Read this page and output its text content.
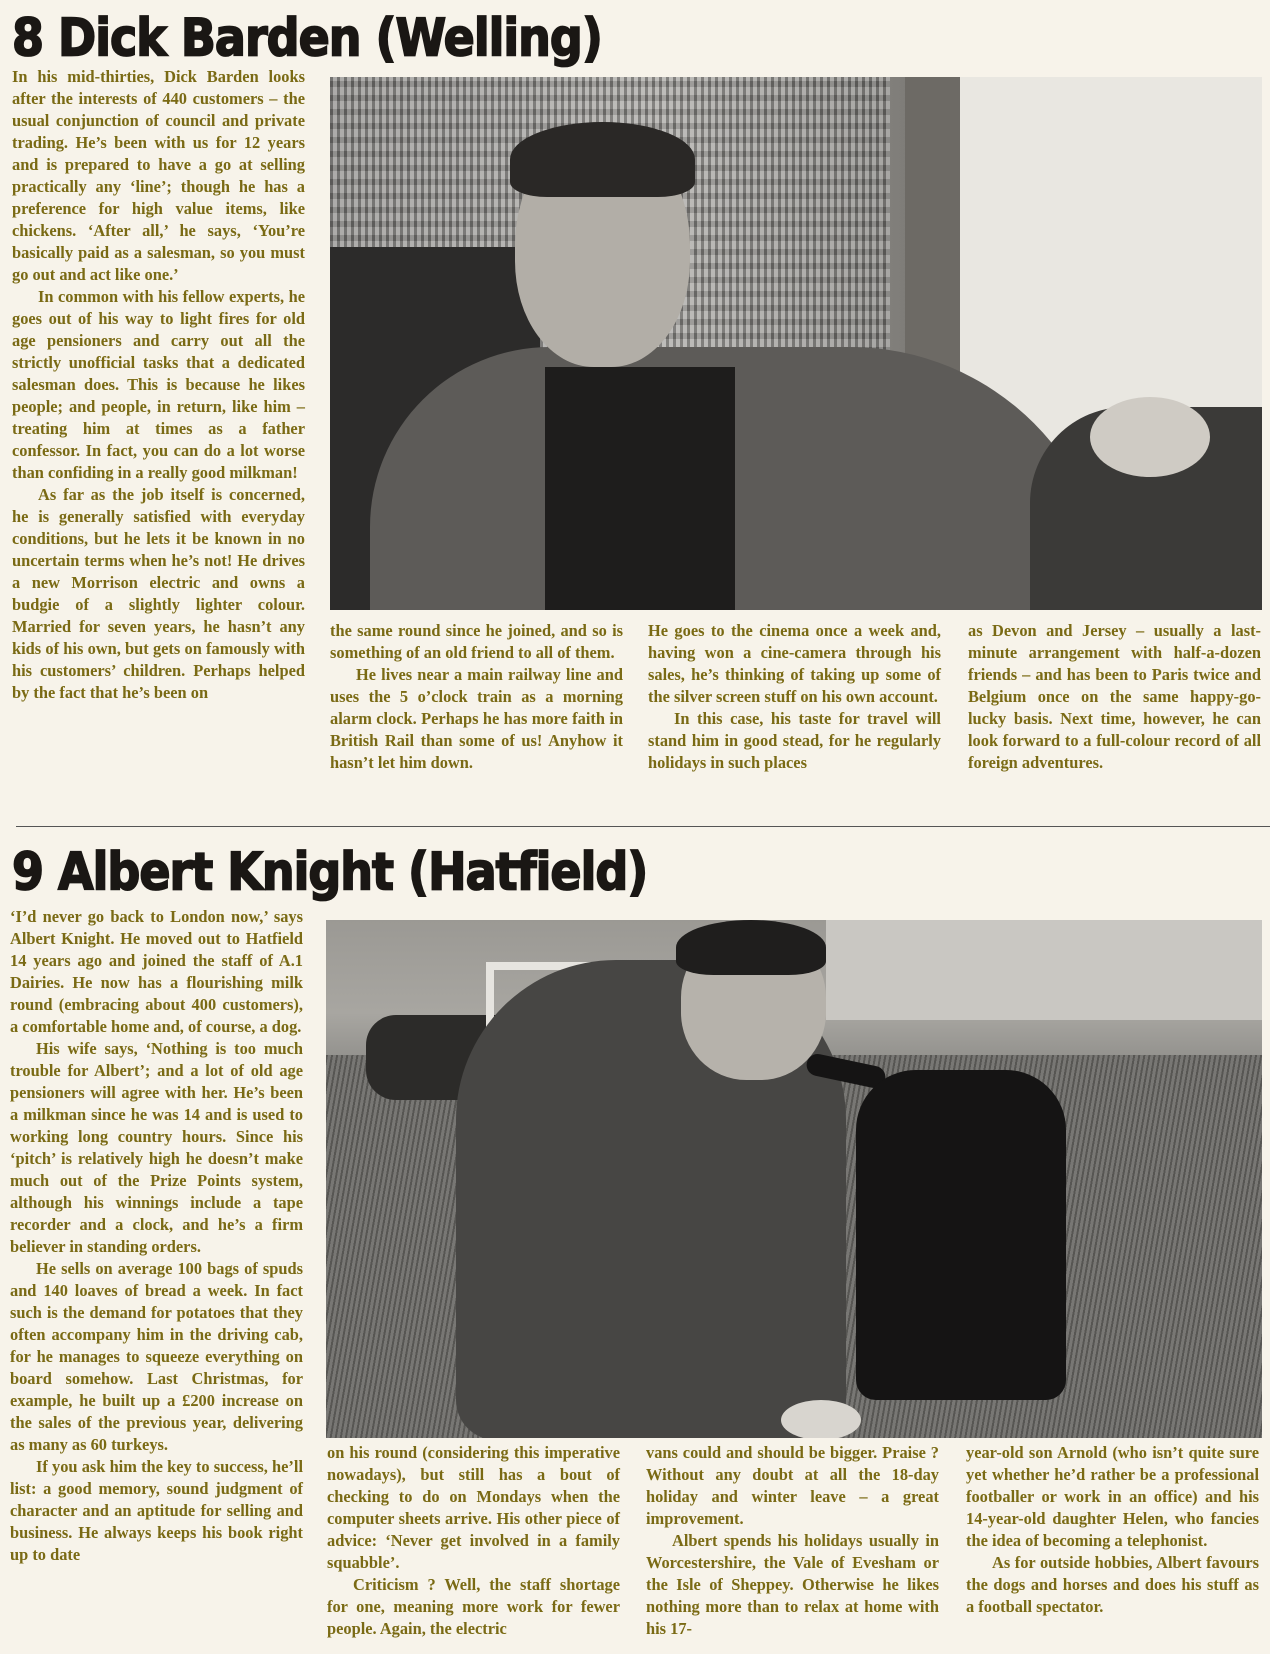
8 Dick Barden (Welling)

In his mid-thirties, Dick Barden looks after the interests of 440 customers – the usual conjunction of council and private trading. He’s been with us for 12 years and is prepared to have a go at selling practically any ‘line’; though he has a preference for high value items, like chickens. ‘After all,’ he says, ‘You’re basically paid as a salesman, so you must go out and act like one.’

In common with his fellow experts, he goes out of his way to light fires for old age pensioners and carry out all the strictly unofficial tasks that a dedicated salesman does. This is because he likes people; and people, in return, like him – treating him at times as a father confessor. In fact, you can do a lot worse than confiding in a really good milkman!

As far as the job itself is concerned, he is generally satisfied with everyday conditions, but he lets it be known in no uncertain terms when he’s not! He drives a new Morrison electric and owns a budgie of a slightly lighter colour. Married for seven years, he hasn’t any kids of his own, but gets on famously with his customers’ children. Perhaps helped by the fact that he’s been on

the same round since he joined, and so is something of an old friend to all of them.

He lives near a main railway line and uses the 5 o’clock train as a morning alarm clock. Perhaps he has more faith in British Rail than some of us! Anyhow it hasn’t let him down.

He goes to the cinema once a week and, having won a cine-camera through his sales, he’s thinking of taking up some of the silver screen stuff on his own account.

In this case, his taste for travel will stand him in good stead, for he regularly holidays in such places

as Devon and Jersey – usually a last-minute arrangement with half-a-dozen friends – and has been to Paris twice and Belgium once on the same happy-go-lucky basis. Next time, however, he can look forward to a full-colour record of all foreign adventures.

9 Albert Knight (Hatfield)

‘I’d never go back to London now,’ says Albert Knight. He moved out to Hatfield 14 years ago and joined the staff of A.1 Dairies. He now has a flourishing milk round (embracing about 400 customers), a comfortable home and, of course, a dog.

His wife says, ‘Nothing is too much trouble for Albert’; and a lot of old age pensioners will agree with her. He’s been a milkman since he was 14 and is used to working long country hours. Since his ‘pitch’ is relatively high he doesn’t make much out of the Prize Points system, although his winnings include a tape recorder and a clock, and he’s a firm believer in standing orders.

He sells on average 100 bags of spuds and 140 loaves of bread a week. In fact such is the demand for potatoes that they often accompany him in the driving cab, for he manages to squeeze everything on board somehow. Last Christmas, for example, he built up a £200 increase on the sales of the previous year, delivering as many as 60 turkeys.

If you ask him the key to success, he’ll list: a good memory, sound judgment of character and an aptitude for selling and business. He always keeps his book right up to date

on his round (considering this imperative nowadays), but still has a bout of checking to do on Mondays when the computer sheets arrive. His other piece of advice: ‘Never get involved in a family squabble’.

Criticism ? Well, the staff shortage for one, meaning more work for fewer people. Again, the electric

vans could and should be bigger. Praise ? Without any doubt at all the 18-day holiday and winter leave – a great improvement.

Albert spends his holidays usually in Worcestershire, the Vale of Evesham or the Isle of Sheppey. Otherwise he likes nothing more than to relax at home with his 17-

year-old son Arnold (who isn’t quite sure yet whether he’d rather be a professional footballer or work in an office) and his 14-year-old daughter Helen, who fancies the idea of becoming a telephonist.

As for outside hobbies, Albert favours the dogs and horses and does his stuff as a football spectator.
